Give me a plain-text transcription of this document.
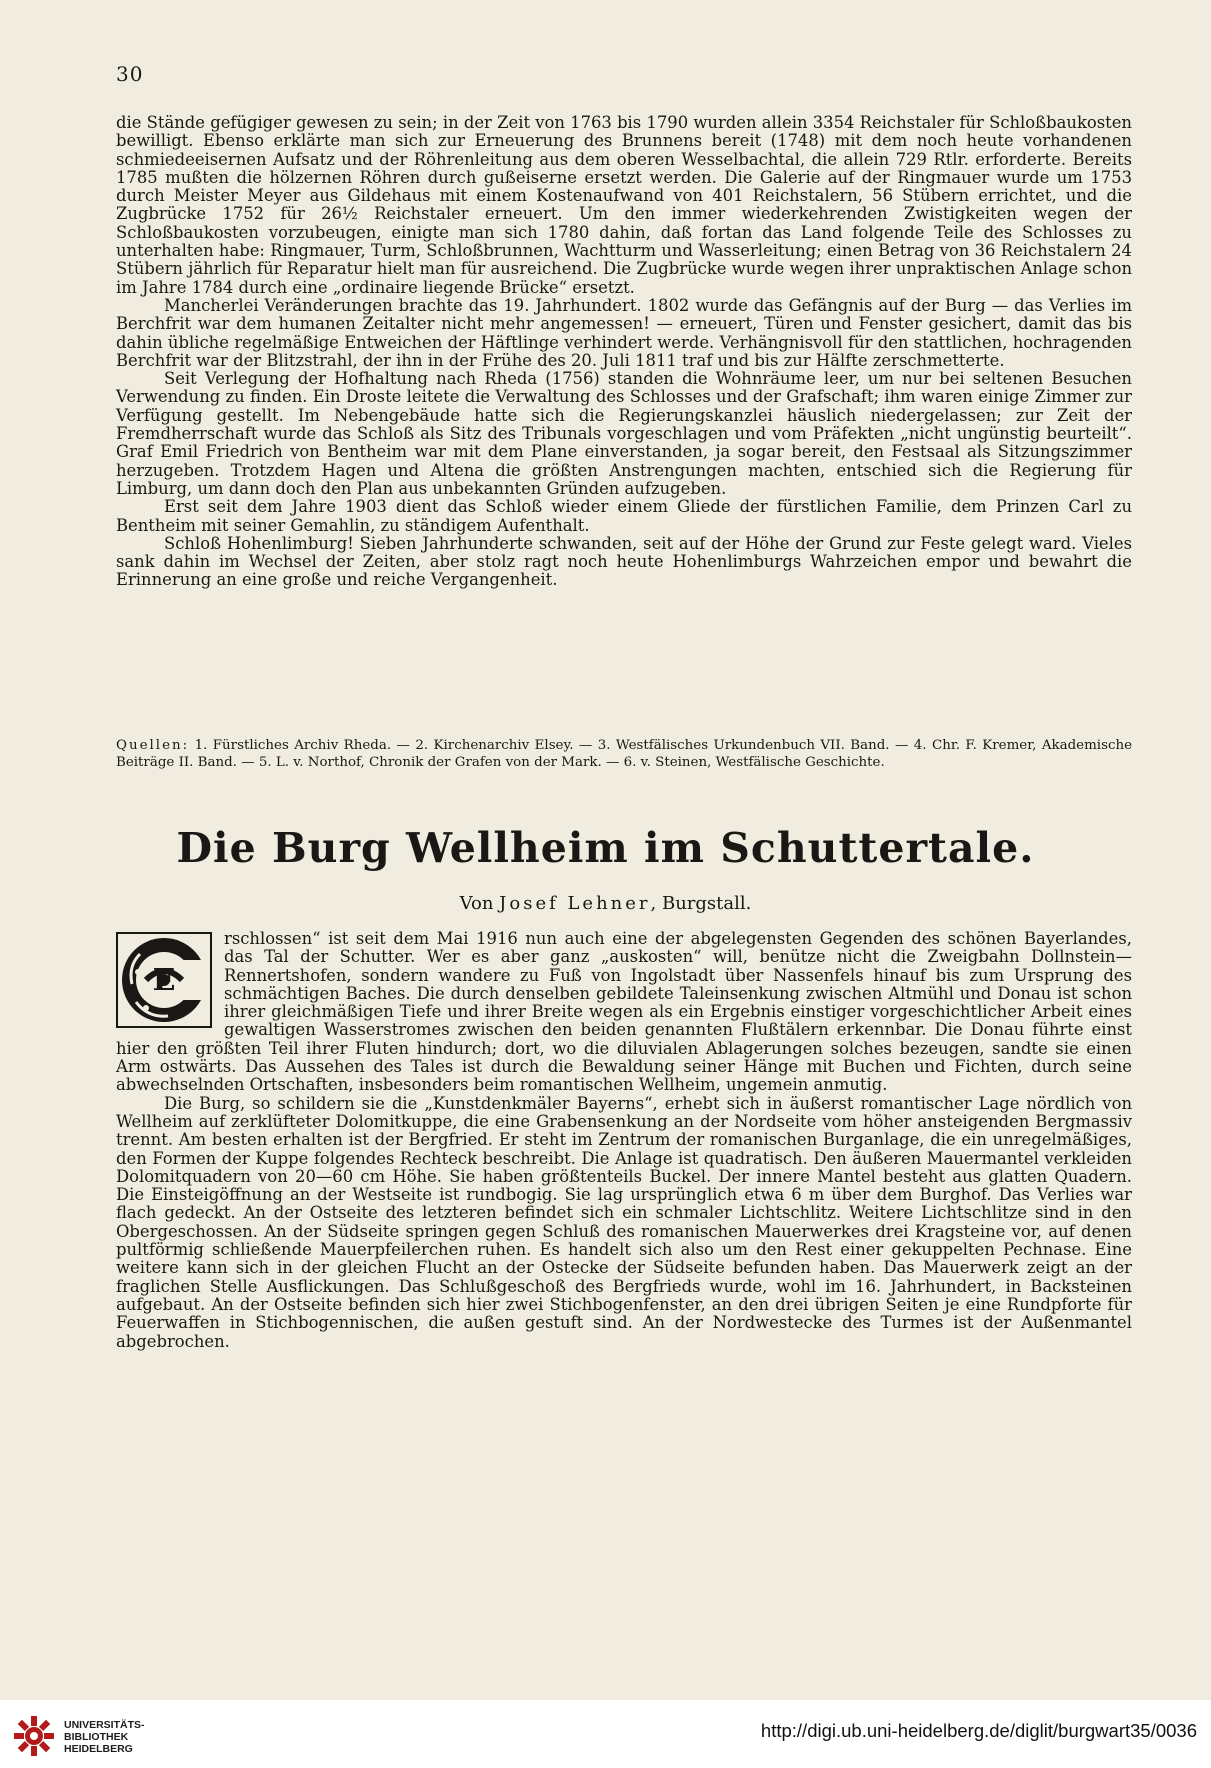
30

die Stände gefügiger gewesen zu sein; in der Zeit von 1763 bis 1790 wurden allein 3354 Reichstaler für Schloßbaukosten bewilligt. Ebenso erklärte man sich zur Erneuerung des Brunnens bereit (1748) mit dem noch heute vorhandenen schmiedeeisernen Aufsatz und der Röhrenleitung aus dem oberen Wesselbachtal, die allein 729 Rtlr. erforderte. Bereits 1785 mußten die hölzernen Röhren durch gußeiserne ersetzt werden. Die Galerie auf der Ringmauer wurde um 1753 durch Meister Meyer aus Gildehaus mit einem Kostenaufwand von 401 Reichstalern, 56 Stübern errichtet, und die Zugbrücke 1752 für 26½ Reichstaler erneuert. Um den immer wiederkehrenden Zwistigkeiten wegen der Schloßbaukosten vorzubeugen, einigte man sich 1780 dahin, daß fortan das Land folgende Teile des Schlosses zu unterhalten habe: Ringmauer, Turm, Schloßbrunnen, Wachtturm und Wasserleitung; einen Betrag von 36 Reichstalern 24 Stübern jährlich für Reparatur hielt man für ausreichend. Die Zugbrücke wurde wegen ihrer unpraktischen Anlage schon im Jahre 1784 durch eine „ordinaire liegende Brücke“ ersetzt.

Mancherlei Veränderungen brachte das 19. Jahrhundert. 1802 wurde das Gefängnis auf der Burg — das Verlies im Berchfrit war dem humanen Zeitalter nicht mehr angemessen! — erneuert, Türen und Fenster gesichert, damit das bis dahin übliche regelmäßige Entweichen der Häftlinge verhindert werde. Verhängnisvoll für den stattlichen, hochragenden Berchfrit war der Blitzstrahl, der ihn in der Frühe des 20. Juli 1811 traf und bis zur Hälfte zerschmetterte.

Seit Verlegung der Hofhaltung nach Rheda (1756) standen die Wohnräume leer, um nur bei seltenen Besuchen Verwendung zu finden. Ein Droste leitete die Verwaltung des Schlosses und der Grafschaft; ihm waren einige Zimmer zur Verfügung gestellt. Im Nebengebäude hatte sich die Regierungskanzlei häuslich niedergelassen; zur Zeit der Fremdherrschaft wurde das Schloß als Sitz des Tribunals vorgeschlagen und vom Präfekten „nicht ungünstig beurteilt“. Graf Emil Friedrich von Bentheim war mit dem Plane einverstanden, ja sogar bereit, den Festsaal als Sitzungszimmer herzugeben. Trotzdem Hagen und Altena die größten Anstrengungen machten, entschied sich die Regierung für Limburg, um dann doch den Plan aus unbekannten Gründen aufzugeben.

Erst seit dem Jahre 1903 dient das Schloß wieder einem Gliede der fürstlichen Familie, dem Prinzen Carl zu Bentheim mit seiner Gemahlin, zu ständigem Aufenthalt.

Schloß Hohenlimburg! Sieben Jahrhunderte schwanden, seit auf der Höhe der Grund zur Feste gelegt ward. Vieles sank dahin im Wechsel der Zeiten, aber stolz ragt noch heute Hohenlimburgs Wahrzeichen empor und bewahrt die Erinnerung an eine große und reiche Vergangenheit.

Quellen: 1. Fürstliches Archiv Rheda. — 2. Kirchenarchiv Elsey. — 3. Westfälisches Urkundenbuch VII. Band. — 4. Chr. F. Kremer, Akademische Beiträge II. Band. — 5. L. v. Northof, Chronik der Grafen von der Mark. — 6. v. Steinen, Westfälische Geschichte.
Die Burg Wellheim im Schuttertale.
Von Josef Lehner, Burgstall.

E
rschlossen“ ist seit dem Mai 1916 nun auch eine der abgelegensten Gegenden des schönen Bayerlandes, das Tal der Schutter. Wer es aber ganz „auskosten“ will, benütze nicht die Zweigbahn Dollnstein—Rennertshofen, sondern wandere zu Fuß von Ingolstadt über Nassenfels hinauf bis zum Ursprung des schmächtigen Baches. Die durch denselben gebildete Taleinsenkung zwischen Altmühl und Donau ist schon ihrer gleichmäßigen Tiefe und ihrer Breite wegen als ein Ergebnis einstiger vorgeschichtlicher Arbeit eines gewaltigen Wasserstromes zwischen den beiden genannten Flußtälern erkennbar. Die Donau führte einst hier den größten Teil ihrer Fluten hindurch; dort, wo die diluvialen Ablagerungen solches bezeugen, sandte sie einen Arm ostwärts. Das Aussehen des Tales ist durch die Bewaldung seiner Hänge mit Buchen und Fichten, durch seine abwechselnden Ortschaften, insbesonders beim romantischen Wellheim, ungemein anmutig.

Die Burg, so schildern sie die „Kunstdenkmäler Bayerns“, erhebt sich in äußerst romantischer Lage nördlich von Wellheim auf zerklüfteter Dolomitkuppe, die eine Grabensenkung an der Nordseite vom höher ansteigenden Bergmassiv trennt. Am besten erhalten ist der Bergfried. Er steht im Zentrum der romanischen Burganlage, die ein unregelmäßiges, den Formen der Kuppe folgendes Rechteck beschreibt. Die Anlage ist quadratisch. Den äußeren Mauermantel verkleiden Dolomitquadern von 20—60 cm Höhe. Sie haben größtenteils Buckel. Der innere Mantel besteht aus glatten Quadern. Die Einsteigöffnung an der Westseite ist rundbogig. Sie lag ursprünglich etwa 6 m über dem Burghof. Das Verlies war flach gedeckt. An der Ostseite des letzteren befindet sich ein schmaler Lichtschlitz. Weitere Lichtschlitze sind in den Obergeschossen. An der Südseite springen gegen Schluß des romanischen Mauerwerkes drei Kragsteine vor, auf denen pultförmig schließende Mauerpfeilerchen ruhen. Es handelt sich also um den Rest einer gekuppelten Pechnase. Eine weitere kann sich in der gleichen Flucht an der Ostecke der Südseite befunden haben. Das Mauerwerk zeigt an der fraglichen Stelle Ausflickungen. Das Schlußgeschoß des Bergfrieds wurde, wohl im 16. Jahrhundert, in Backsteinen aufgebaut. An der Ostseite befinden sich hier zwei Stichbogenfenster, an den drei übrigen Seiten je eine Rundpforte für Feuerwaffen in Stichbogennischen, die außen gestuft sind. An der Nordwestecke des Turmes ist der Außenmantel abgebrochen.

UNIVERSITÄTS-
BIBLIOTHEK
HEIDELBERG
http://digi.ub.uni-heidelberg.de/diglit/burgwart35/0036
